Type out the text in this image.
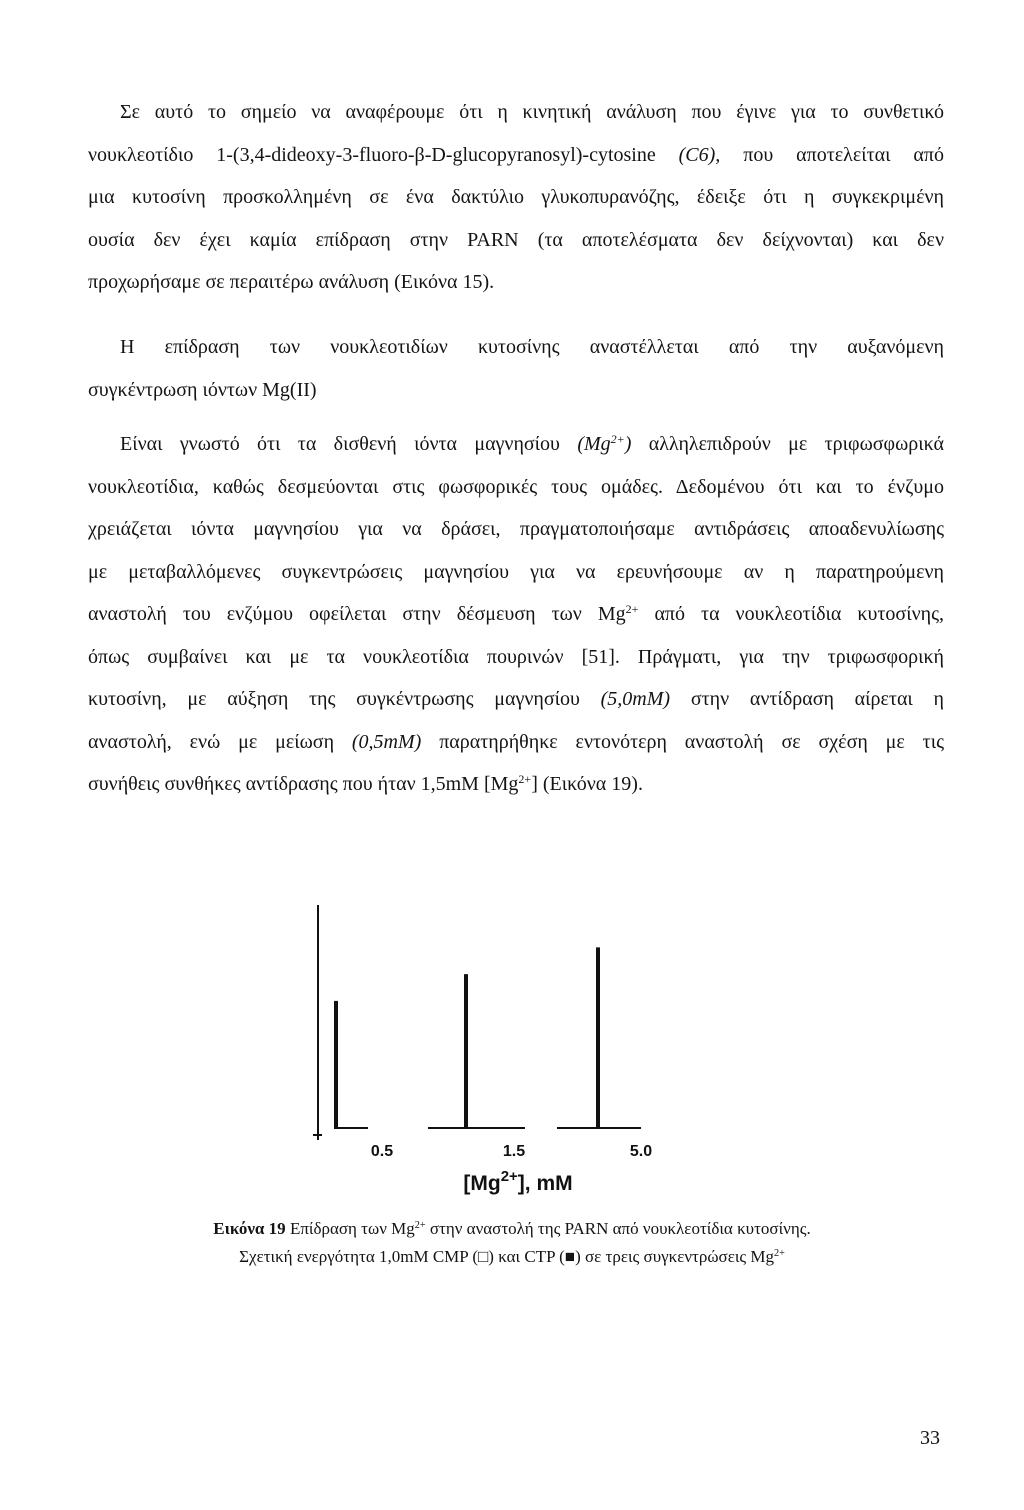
Σε αυτό το σημείο να αναφέρουμε ότι η κινητική ανάλυση που έγινε για το συνθετικό
νουκλεοτίδιο 1-(3,4-dideoxy-3-fluoro-β-D-glucopyranosyl)-cytosine (C6), που αποτελείται από
μια κυτοσίνη προσκολλημένη σε ένα δακτύλιο γλυκοπυρανόζης, έδειξε ότι η συγκεκριμένη
ουσία δεν έχει καμία επίδραση στην PARN (τα αποτελέσματα δεν δείχνονται) και δεν
προχωρήσαμε σε περαιτέρω ανάλυση (Εικόνα 15).
Η επίδραση των νουκλεοτιδίων κυτοσίνης αναστέλλεται από την αυξανόμενη
συγκέντρωση ιόντων Mg(II)
Είναι γνωστό ότι τα δισθενή ιόντα μαγνησίου $(Mg^{2+})$ αλληλεπιδρούν με τριφωσφωρικά
νουκλεοτίδια, καθώς δεσμεύονται στις φωσφορικές τους ομάδες. Δεδομένου ότι και το ένζυμο
χρειάζεται ιόντα μαγνησίου για να δράσει, πραγματοποιήσαμε αντιδράσεις αποαδενυλίωσης
με μεταβαλλόμενες συγκεντρώσεις μαγνησίου για να ερευνήσουμε αν η παρατηρούμενη
αναστολή του ενζύμου οφείλεται στην δέσμευση των $Mg^{2+}$ από τα νουκλεοτίδια κυτοσίνης,
όπως συμβαίνει και με τα νουκλεοτίδια πουρινών [51]. Πράγματι, για την τριφωσφορική
κυτοσίνη, με αύξηση της συγκέντρωσης μαγνησίου (5,0mM) στην αντίδραση αίρεται η
αναστολή, ενώ με μείωση (0,5mM) παρατηρήθηκε εντονότερη αναστολή σε σχέση με τις
συνήθεις συνθήκες αντίδρασης που ήταν 1,5mM $[Mg^{2+}]$ (Εικόνα 19).
0.5	1.5	5.0
$[Mg^{2+}]$, mM
Εικόνα 19 Επίδραση των $Mg^{2+}$ στην αναστολή της PARN από νουκλεοτίδια κυτοσίνης.
Σχετική ενεργότητα 1,0mM CMP (□) και CTP (■) σε τρεις συγκεντρώσεις $Mg^{2+}$
33
